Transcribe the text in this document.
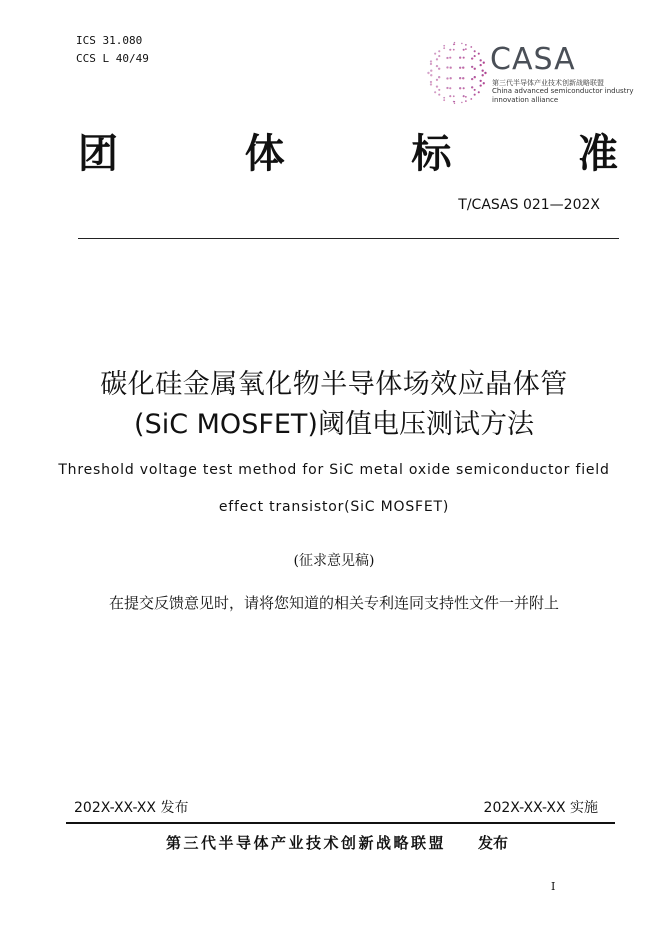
ICS 31.080
CCS L 40/49	CASA
第三代半导体产业技术创新战略联盟
China advanced semiconductor industry
innovation alliance
团	体	标	准
T/CASAS 021—202X
碳化硅金属氧化物半导体场效应晶体管
(SiC MOSFET)阈值电压测试方法
Threshold voltage test method for SiC metal oxide semiconductor field
effect transistor(SiC MOSFET)
(征求意见稿)
在提交反馈意见时，请将您知道的相关专利连同支持性文件一并附上
202X-XX-XX 发布	202X-XX-XX 实施
第三代半导体产业技术创新战略联盟 发布
I
